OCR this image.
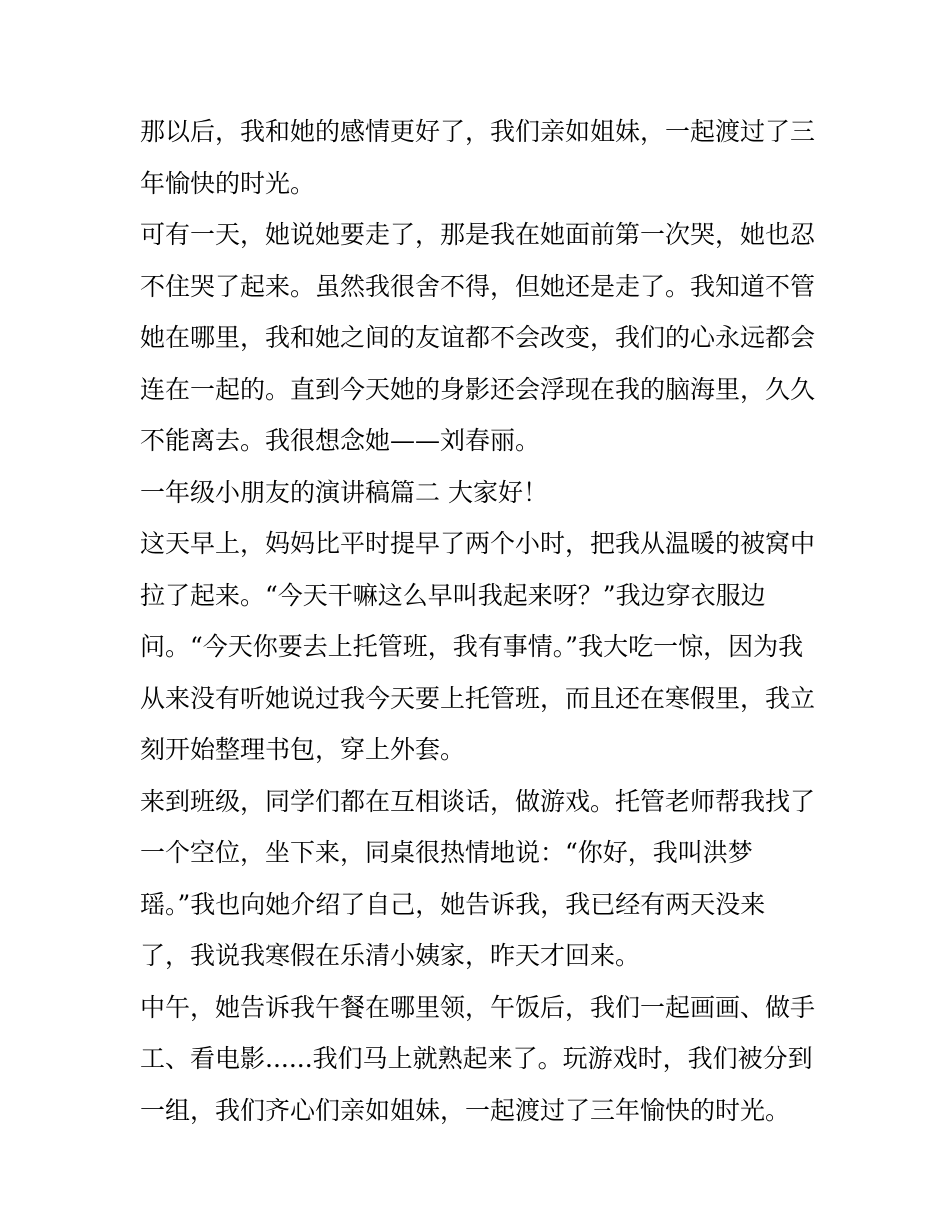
那以后，我和她的感情更好了，我们亲如姐妹，一起渡过了三
年愉快的时光。
可有一天，她说她要走了，那是我在她面前第一次哭，她也忍
不住哭了起来。虽然我很舍不得，但她还是走了。我知道不管
她在哪里，我和她之间的友谊都不会改变，我们的心永远都会
连在一起的。直到今天她的身影还会浮现在我的脑海里，久久
不能离去。我很想念她——刘春丽。
一年级小朋友的演讲稿篇二 大家好！
这天早上，妈妈比平时提早了两个小时，把我从温暖的被窝中
拉了起来。“今天干嘛这么早叫我起来呀？”我边穿衣服边
问。“今天你要去上托管班，我有事情。”我大吃一惊，因为我
从来没有听她说过我今天要上托管班，而且还在寒假里，我立
刻开始整理书包，穿上外套。
来到班级，同学们都在互相谈话，做游戏。托管老师帮我找了
一个空位，坐下来，同桌很热情地说：“你好，我叫洪梦
瑶。”我也向她介绍了自己，她告诉我，我已经有两天没来
了，我说我寒假在乐清小姨家，昨天才回来。
中午，她告诉我午餐在哪里领，午饭后，我们一起画画、做手
工、看电影......我们马上就熟起来了。玩游戏时，我们被分到
一组，我们齐心们亲如姐妹，一起渡过了三年愉快的时光。
